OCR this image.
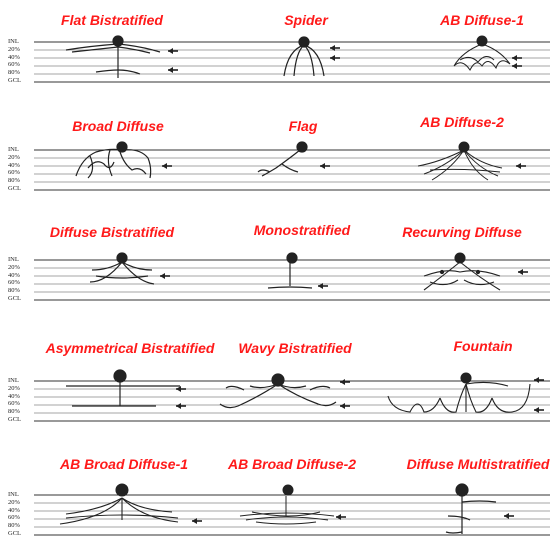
Flat Bistratified	Spider	AB Diffuse-1
INL
20%
40%
60%
80%
GCL
Broad Diffuse	Flag	AB Diffuse-2
INL
20%
40%
60%
80%
GCL
Diffuse Bistratified	Monostratified	Recurving Diffuse
INL
20%
40%
60%
80%
GCL
Asymmetrical Bistratified Wavy Bistratified	Fountain
INL
20%
40%
60%
80%
GCL
AB Broad Diffuse-1	AB Broad Diffuse-2	Diffuse Multistratified
INL
20%
40%
60%
80%
GCL
